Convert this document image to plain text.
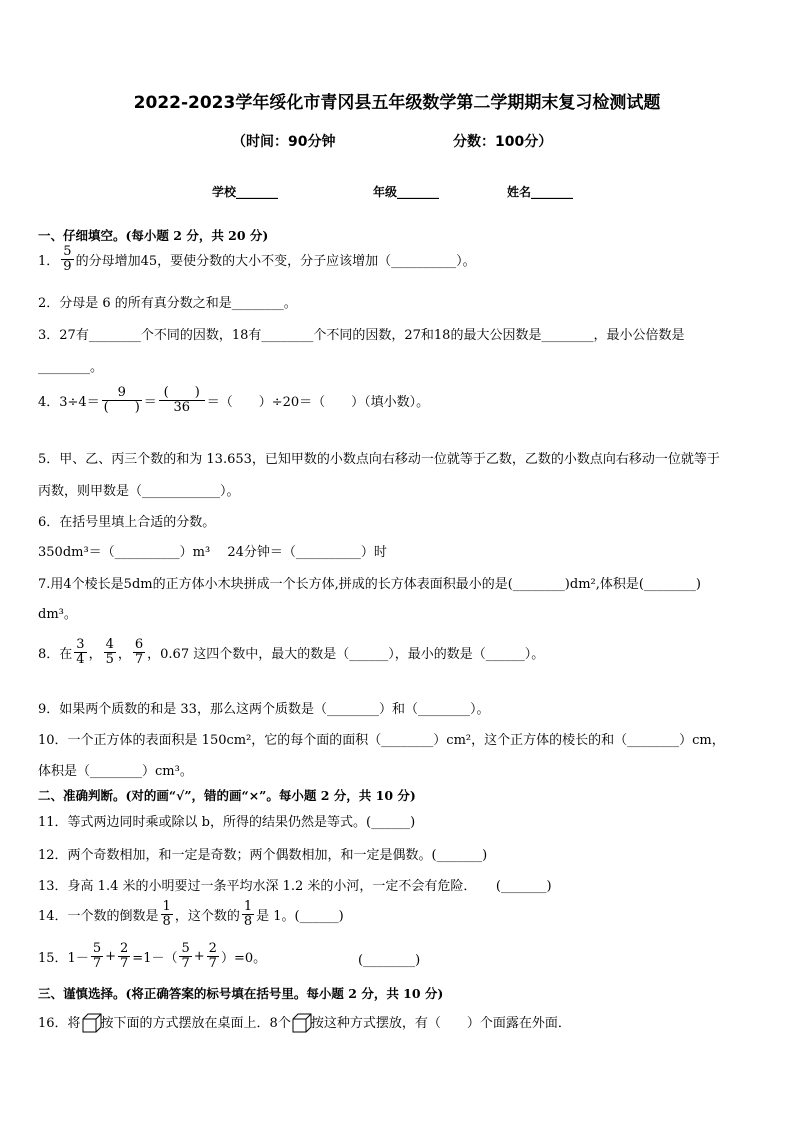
2022-2023学年绥化市青冈县五年级数学第二学期期末复习检测试题
（时间：90分钟	分数：100分）
学校_______	年级_______	姓名_______
一、仔细填空。(每小题 2 分，共 20 分)
1． $\frac{5}{9}$ 的分母增加45，要使分数的大小不变，分子应该增加（__________）。
2．分母是 6 的所有真分数之和是________。
3．27有________个不同的因数，18有________个不同的因数，27和18的最大公因数是________，最小公倍数是
________。
4．$3\div 4= \frac{9}{( )} = \frac{( )}{36}$ ＝（　　）÷20＝（　　）（填小数）。
5．甲、乙、丙三个数的和为 13.653，已知甲数的小数点向右移动一位就等于乙数，乙数的小数点向右移动一位就等于
丙数，则甲数是（____________）。
6．在括号里填上合适的分数。
350dm³＝（__________）m³　 24分钟＝（__________）时
7.用4个棱长是5dm的正方体小木块拼成一个长方体,拼成的长方体表面积最小的是(________)dm²,体积是(________)
dm³。
8．在 $\frac{3}{4}$ ， $\frac{4}{5}$ ， $\frac{6}{7}$ ，0.67 这四个数中，最大的数是（______），最小的数是（______）。
9．如果两个质数的和是 33，那么这两个质数是（________）和（________）。
10．一个正方体的表面积是 150cm²，它的每个面的面积（________）cm²，这个正方体的棱长的和（________）cm，
体积是（________）cm³。
二、准确判断。(对的画“√”，错的画“×”。每小题 2 分，共 10 分)
11．等式两边同时乘或除以 b，所得的结果仍然是等式。(______)
12．两个奇数相加，和一定是奇数；两个偶数相加，和一定是偶数。(_______)
13．身高 1.4 米的小明要过一条平均水深 1.2 米的小河，一定不会有危险．　　(_______)
14．一个数的倒数是 $\frac{1}{8}$ ，这个数的 $\frac{1}{8}$ 是 1。(______)
15．$1- \frac{5}{7} + \frac{2}{7} =1-( \frac{5}{7} + \frac{2}{7} )=0$。	(________)
三、谨慎选择。(将正确答案的标号填在括号里。每小题 2 分，共 10 分)
16．将 按下面的方式摆放在桌面上．8个 按这种方式摆放，有（　　）个面露在外面．
